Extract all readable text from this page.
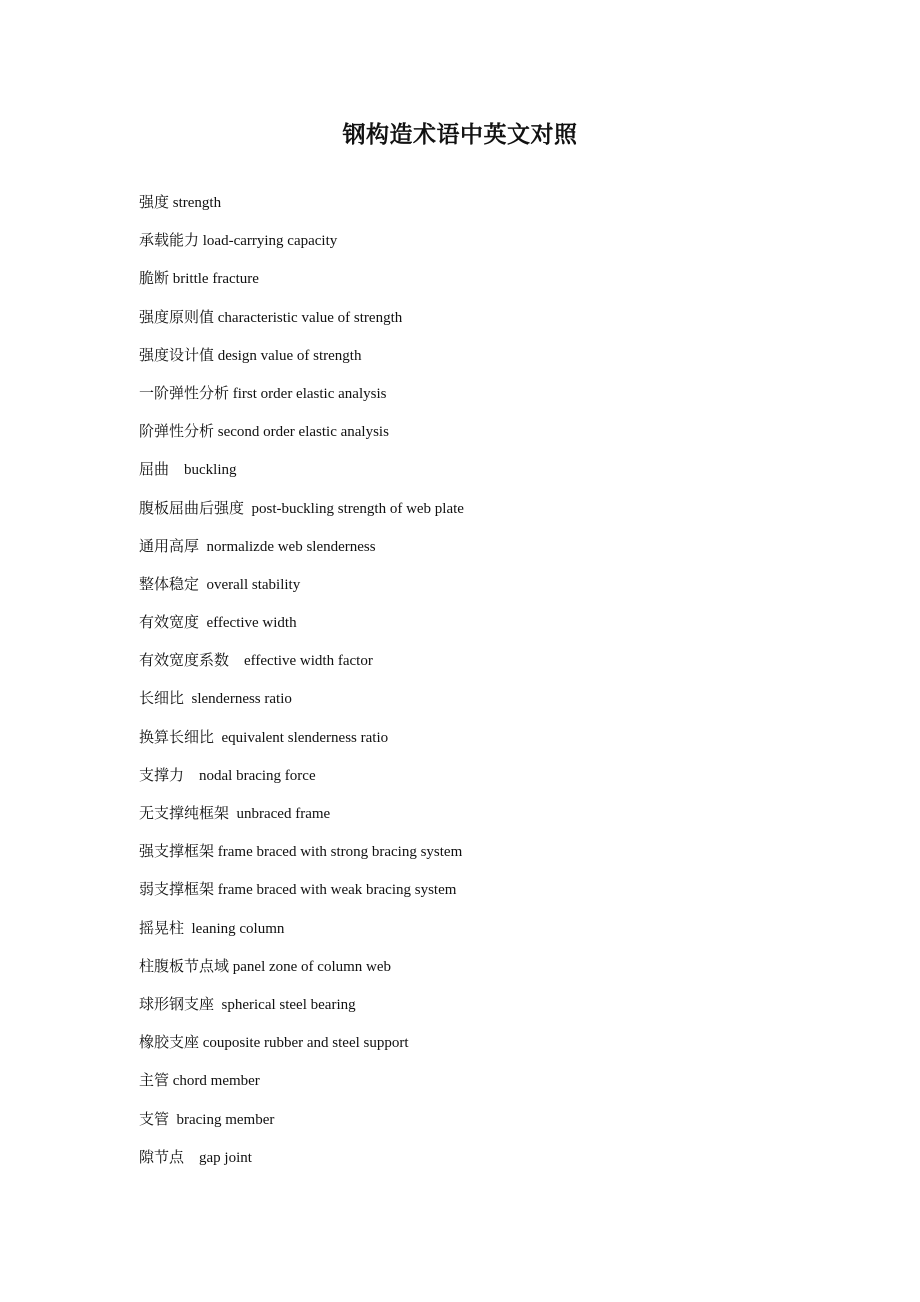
钢构造术语中英文对照
强度 strength
承载能力 load-carrying capacity
脆断 brittle fracture
强度原则值 characteristic value of strength
强度设计值 design value of strength
一阶弹性分析 first order elastic analysis
阶弹性分析 second order elastic analysis
屈曲    buckling
腹板屈曲后强度  post-buckling strength of web plate
通用高厚  normalizde web slenderness
整体稳定  overall stability
有效宽度  effective width
有效宽度系数    effective width factor
长细比  slenderness ratio
换算长细比  equivalent slenderness ratio
支撑力    nodal bracing force
无支撑纯框架  unbraced frame
强支撑框架 frame braced with strong bracing system
弱支撑框架 frame braced with weak bracing system
摇晃柱  leaning column
柱腹板节点域 panel zone of column web
球形钢支座  spherical steel bearing
橡胶支座 couposite rubber and steel support
主管 chord member
支管  bracing member
隙节点    gap joint
